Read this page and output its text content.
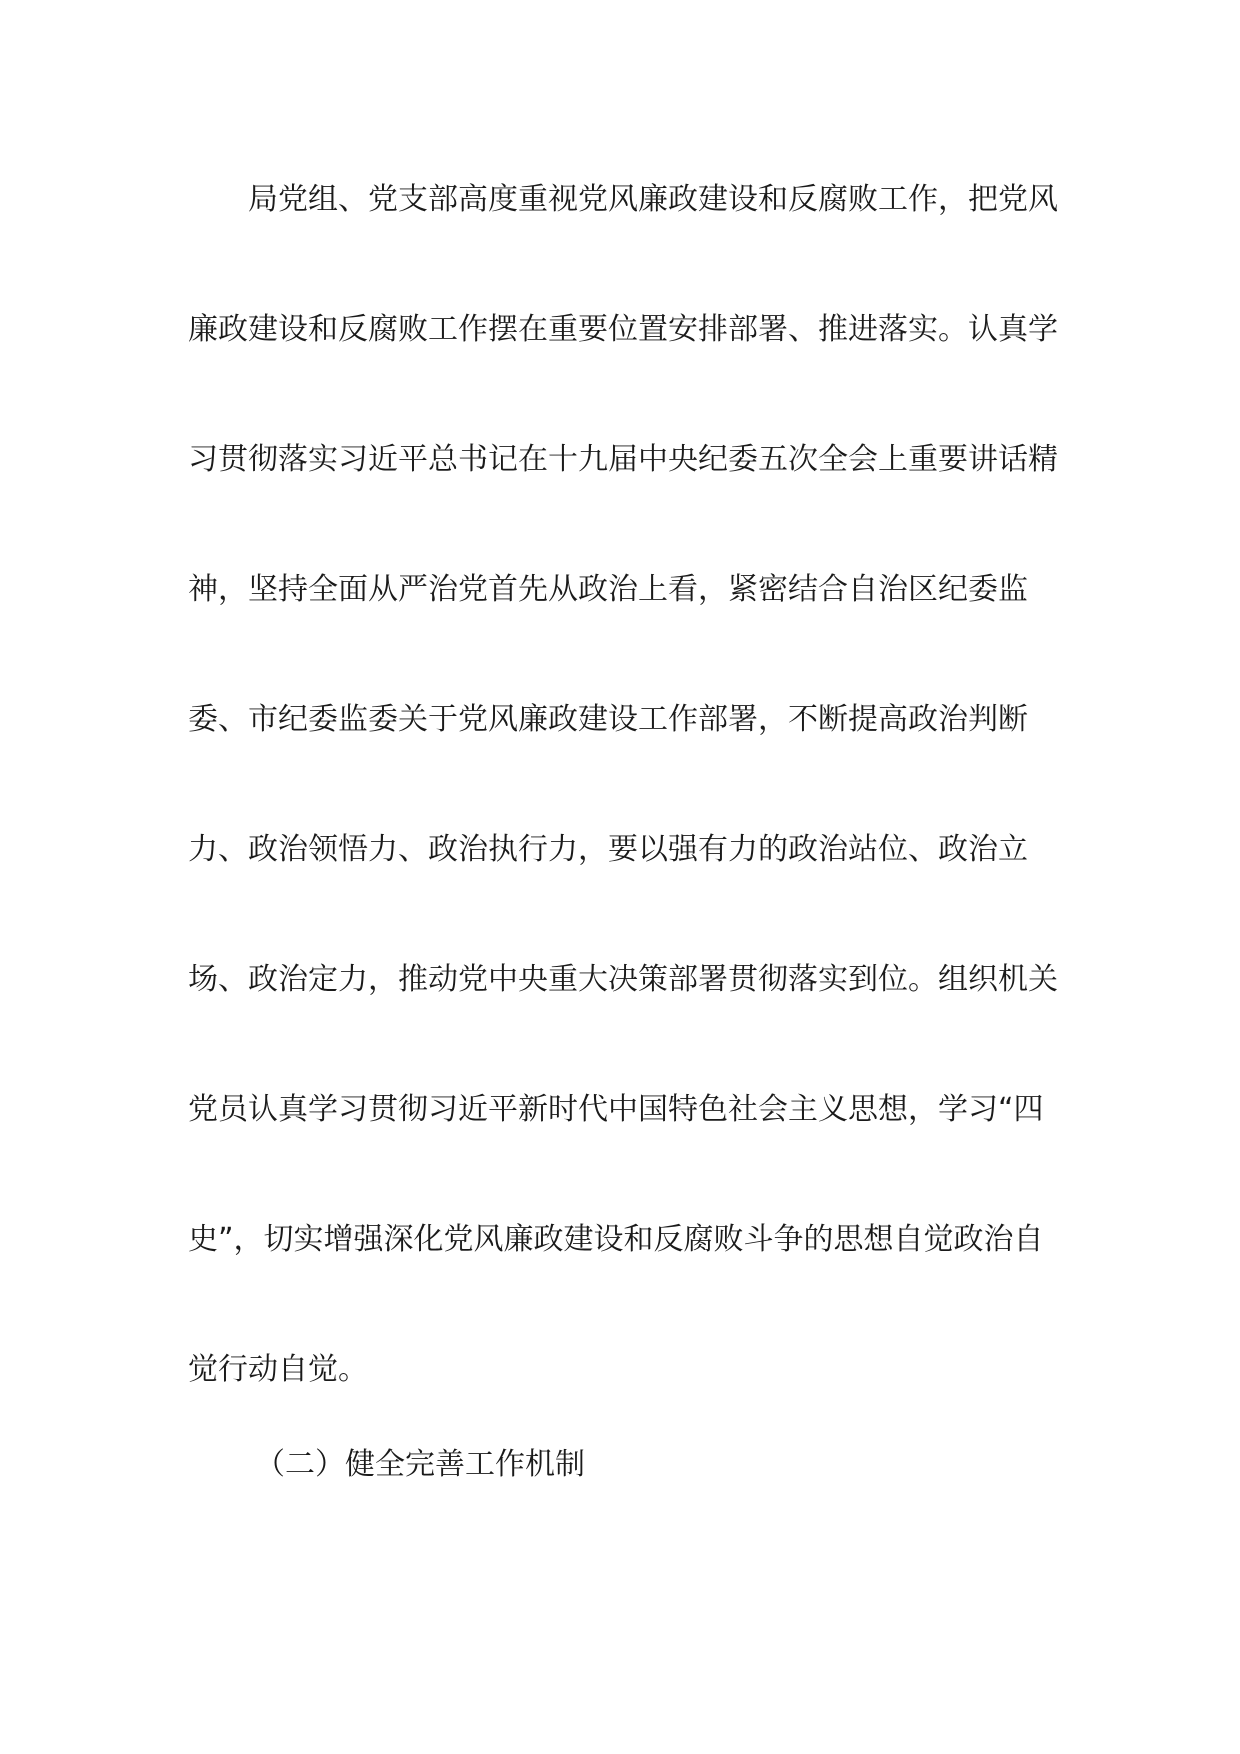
局党组、党支部高度重视党风廉政建设和反腐败工作，把党风
廉政建设和反腐败工作摆在重要位置安排部署、推进落实。认真学
习贯彻落实习近平总书记在十九届中央纪委五次全会上重要讲话精
神，坚持全面从严治党首先从政治上看，紧密结合自治区纪委监
委、市纪委监委关于党风廉政建设工作部署，不断提高政治判断
力、政治领悟力、政治执行力，要以强有力的政治站位、政治立
场、政治定力，推动党中央重大决策部署贯彻落实到位。组织机关
党员认真学习贯彻习近平新时代中国特色社会主义思想，学习“四
史”，切实增强深化党风廉政建设和反腐败斗争的思想自觉政治自
觉行动自觉。
（二）健全完善工作机制
